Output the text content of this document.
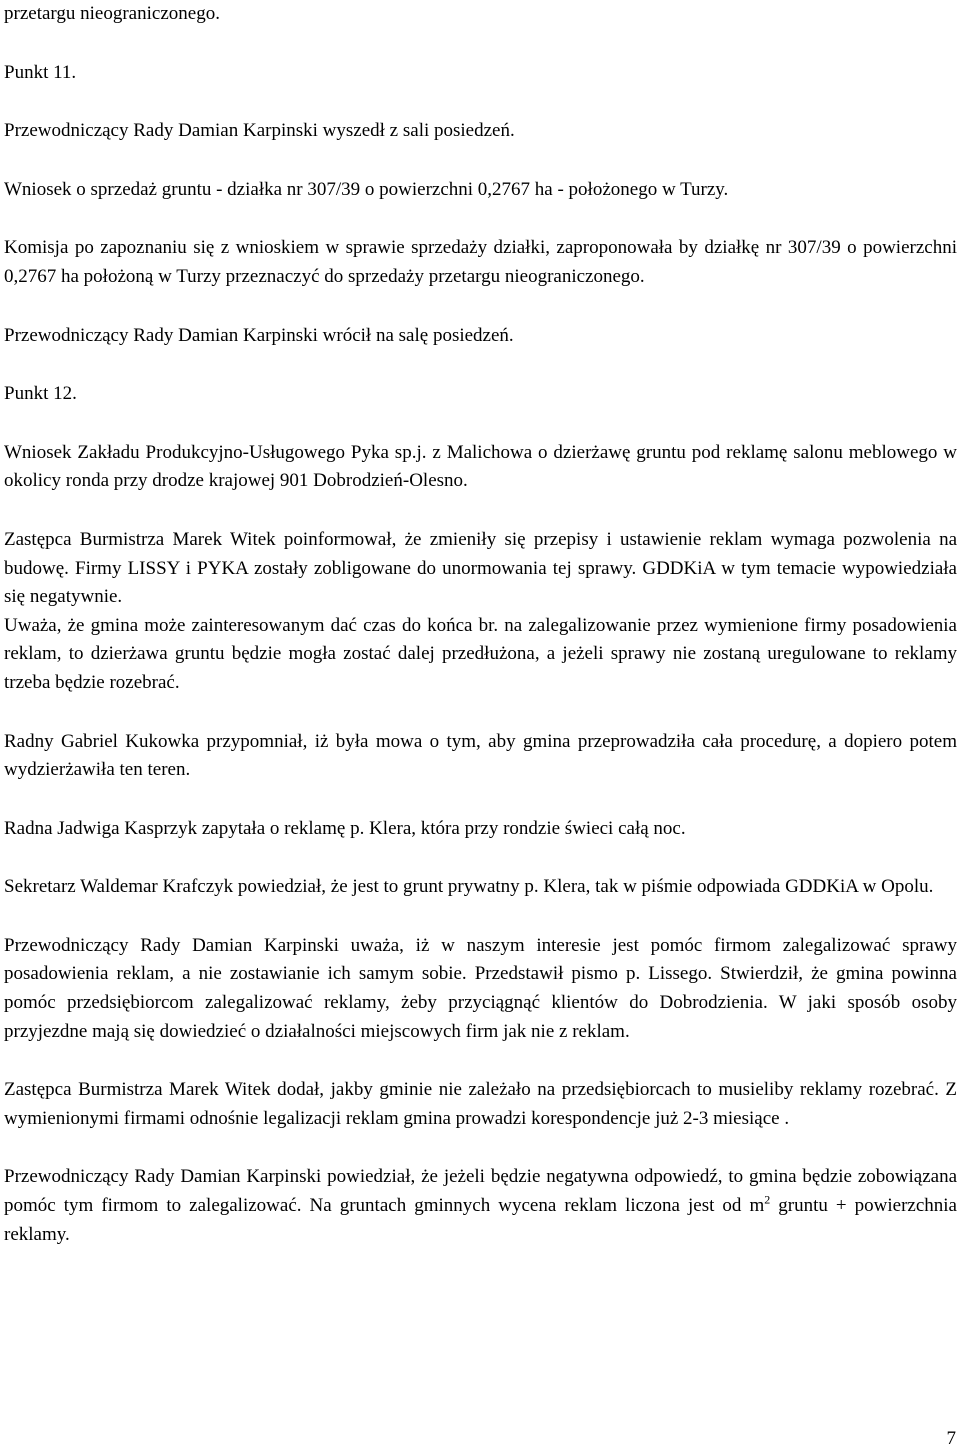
przetargu nieograniczonego.

Punkt 11.

Przewodniczący Rady Damian Karpinski wyszedł z sali posiedzeń.

Wniosek o sprzedaż gruntu - działka nr 307/39 o powierzchni 0,2767 ha - położonego w Turzy.

Komisja po zapoznaniu się z wnioskiem w sprawie sprzedaży działki, zaproponowała by działkę nr 307/39 o powierzchni 0,2767 ha położoną w Turzy przeznaczyć do sprzedaży przetargu nieograniczonego.

Przewodniczący Rady Damian Karpinski wrócił na salę posiedzeń.

Punkt 12.

Wniosek Zakładu Produkcyjno-Usługowego Pyka sp.j. z Malichowa o dzierżawę gruntu pod reklamę salonu meblowego w okolicy ronda przy drodze krajowej 901 Dobrodzień-Olesno.

Zastępca Burmistrza Marek Witek poinformował, że zmieniły się przepisy i ustawienie reklam wymaga pozwolenia na budowę. Firmy LISSY i PYKA zostały zobligowane do unormowania tej sprawy. GDDKiA w tym temacie wypowiedziała się negatywnie.

Uważa, że gmina może zainteresowanym dać czas do końca br. na zalegalizowanie przez wymienione firmy posadowienia reklam, to dzierżawa gruntu będzie mogła zostać dalej przedłużona, a jeżeli sprawy nie zostaną uregulowane to reklamy trzeba będzie rozebrać.

Radny Gabriel Kukowka przypomniał, iż była mowa o tym, aby gmina przeprowadziła cała procedurę, a dopiero potem wydzierżawiła ten teren.

Radna Jadwiga Kasprzyk zapytała o reklamę p. Klera, która przy rondzie świeci całą noc.

Sekretarz Waldemar Krafczyk powiedział, że jest to grunt prywatny p. Klera, tak w piśmie odpowiada GDDKiA w Opolu.

Przewodniczący Rady Damian Karpinski uważa, iż w naszym interesie jest pomóc firmom zalegalizować sprawy posadowienia reklam, a nie zostawianie ich samym sobie. Przedstawił pismo p. Lissego. Stwierdził, że gmina powinna pomóc przedsiębiorcom zalegalizować reklamy, żeby przyciągnąć klientów do Dobrodzienia. W jaki sposób osoby przyjezdne mają się dowiedzieć o działalności miejscowych firm jak nie z reklam.

Zastępca Burmistrza Marek Witek dodał, jakby gminie nie zależało na przedsiębiorcach to musieliby reklamy rozebrać. Z wymienionymi firmami odnośnie legalizacji reklam gmina prowadzi korespondencje już 2-3 miesiące .

Przewodniczący Rady Damian Karpinski powiedział, że jeżeli będzie negatywna odpowiedź, to gmina będzie zobowiązana pomóc tym firmom to zalegalizować. Na gruntach gminnych wycena reklam liczona jest od $m^2$ gruntu + powierzchnia reklamy.

7
